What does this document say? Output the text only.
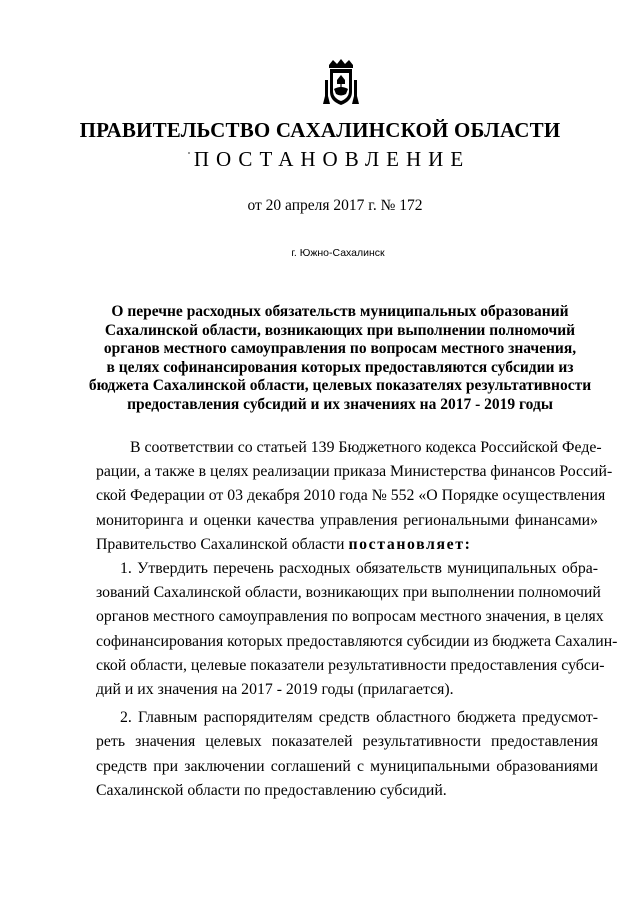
ПРАВИТЕЛЬСТВО САХАЛИНСКОЙ ОБЛАСТИ
ПОСТАНОВЛЕНИЕ
от 20 апреля 2017 г. № 172
г. Южно-Сахалинск
О перечне расходных обязательств муниципальных образований
Сахалинской области, возникающих при выполнении полномочий
органов местного самоуправления по вопросам местного значения,
в целях софинансирования которых предоставляются субсидии из
бюджета Сахалинской области, целевых показателях результативности
предоставления субсидий и их значениях на 2017 - 2019 годы
В соответствии со статьей 139 Бюджетного кодекса Российской Феде-
рации, а также в целях реализации приказа Министерства финансов Россий-
ской Федерации от 03 декабря 2010 года № 552 «О Порядке осуществления
мониторинга и оценки качества управления региональными финансами»
Правительство Сахалинской области постановляет:
1. Утвердить перечень расходных обязательств муниципальных обра-
зований Сахалинской области, возникающих при выполнении полномочий
органов местного самоуправления по вопросам местного значения, в целях
софинансирования которых предоставляются субсидии из бюджета Сахалин-
ской области, целевые показатели результативности предоставления субси-
дий и их значения на 2017 - 2019 годы (прилагается).
2. Главным распорядителям средств областного бюджета предусмот-
реть значения целевых показателей результативности предоставления
средств при заключении соглашений с муниципальными образованиями
Сахалинской области по предоставлению субсидий.
